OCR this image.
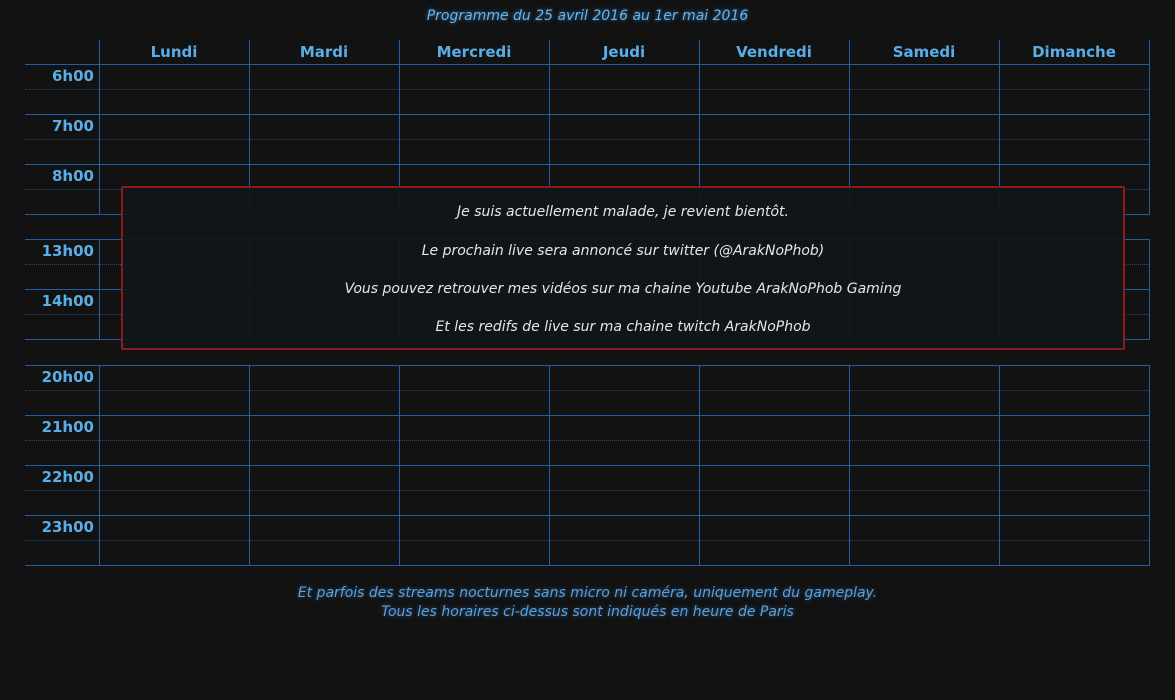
Programme du 25 avril 2016 au 1er mai 2016
Lundi	Mardi	Mercredi	Jeudi	Vendredi	Samedi	Dimanche
6h00
7h00
8h00
13h00
14h00
20h00
21h00
22h00
23h00
Je suis actuellement malade, je revient bientôt.
Le prochain live sera annoncé sur twitter (@ArakNoPhob)
Vous pouvez retrouver mes vidéos sur ma chaine Youtube ArakNoPhob Gaming
Et les redifs de live sur ma chaine twitch ArakNoPhob
Et parfois des streams nocturnes sans micro ni caméra, uniquement du gameplay.
Tous les horaires ci-dessus sont indiqués en heure de Paris
